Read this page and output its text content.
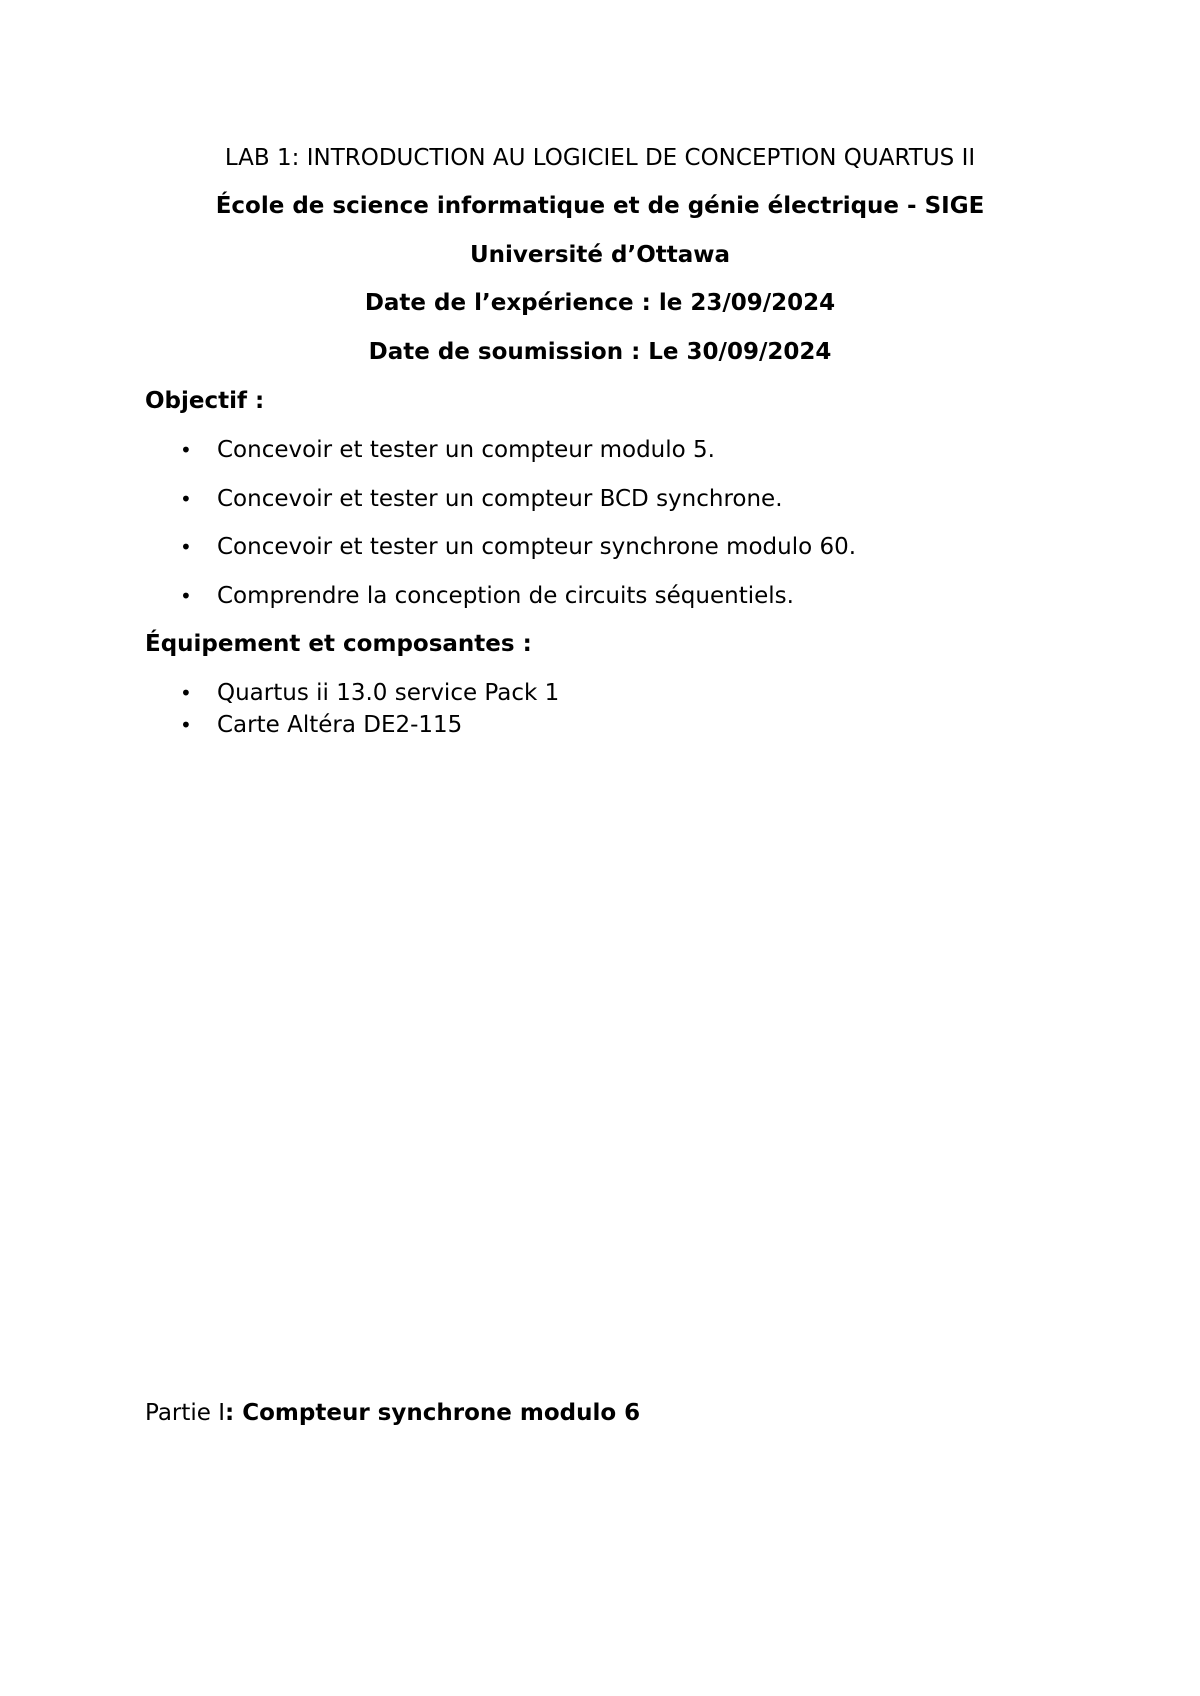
LAB 1: INTRODUCTION AU LOGICIEL DE CONCEPTION QUARTUS II
École de science informatique et de génie électrique - SIGE
Université d’Ottawa
Date de l’expérience : le 23/09/2024
Date de soumission : Le 30/09/2024
Objectif :
• Concevoir et tester un compteur modulo 5.
• Concevoir et tester un compteur BCD synchrone.
• Concevoir et tester un compteur synchrone modulo 60.
• Comprendre la conception de circuits séquentiels.
Équipement et composantes :
• Quartus ii 13.0 service Pack 1
• Carte Altéra DE2-115
Partie I: Compteur synchrone modulo 6
